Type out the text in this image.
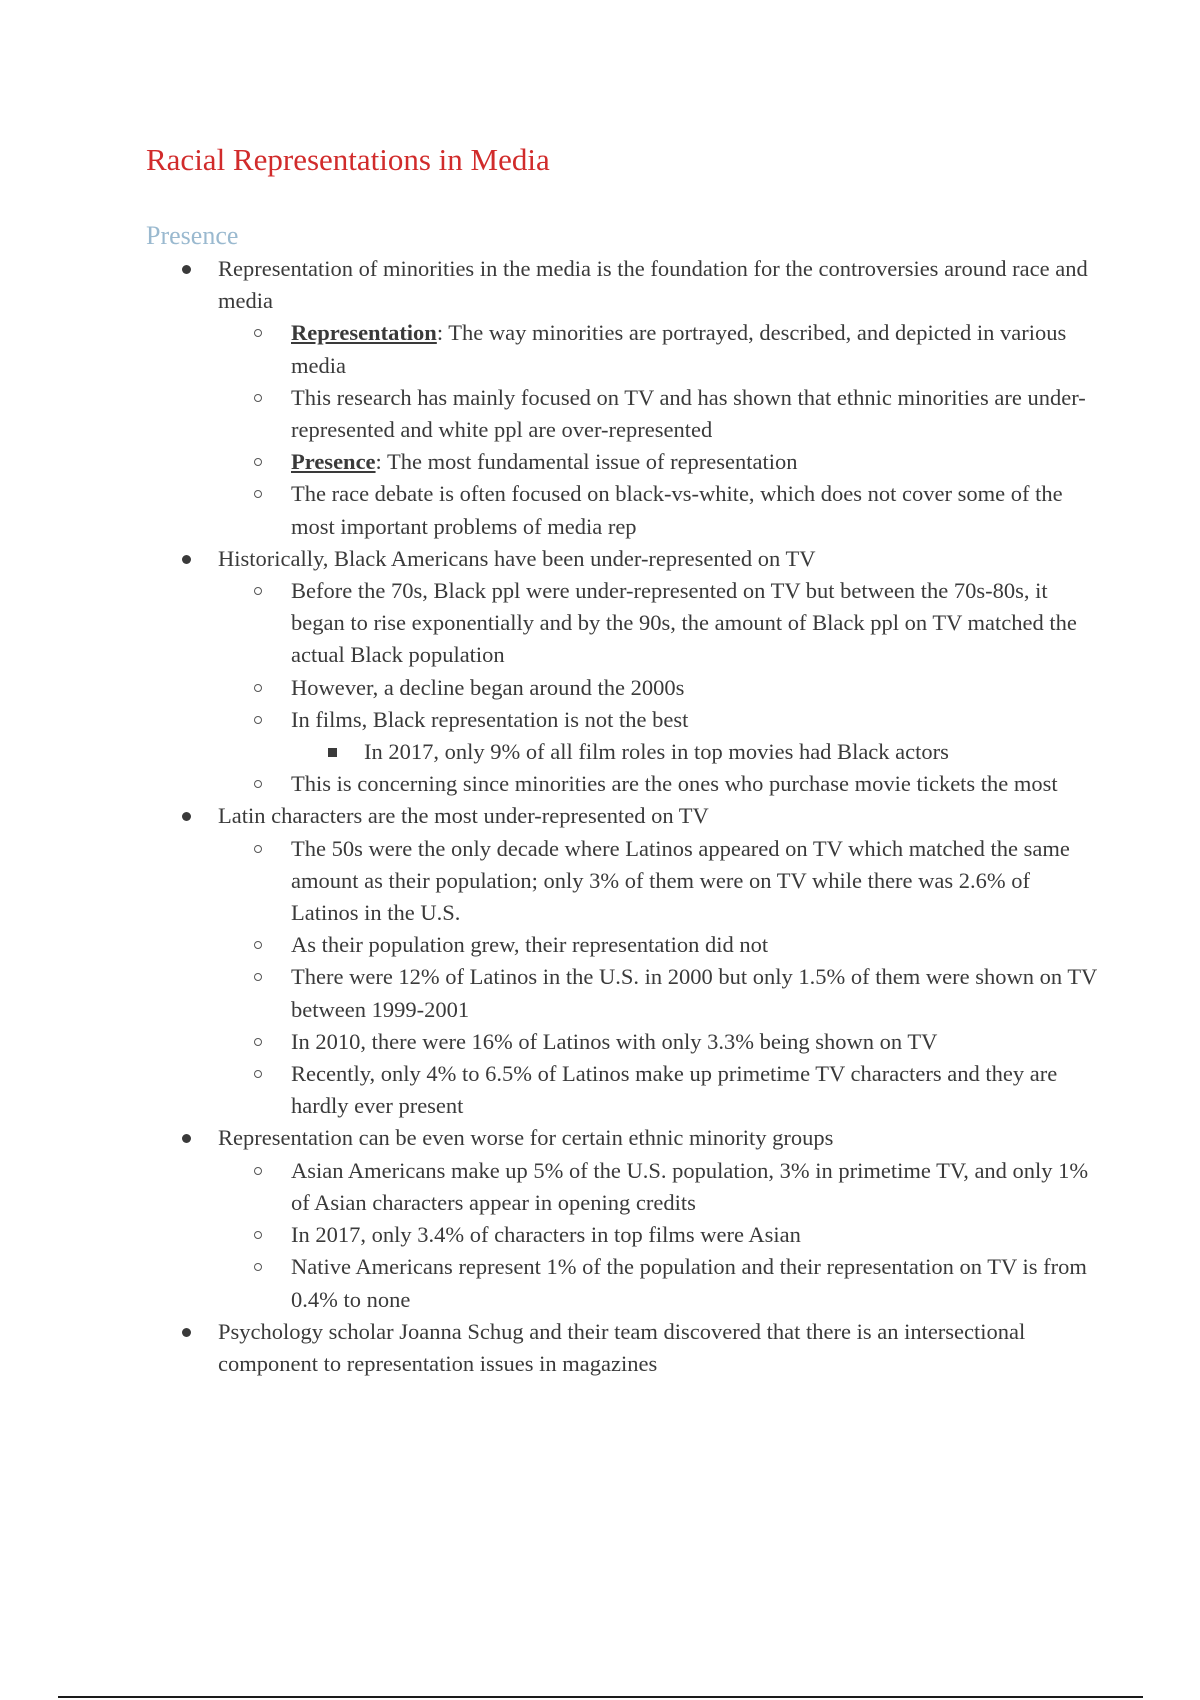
Racial Representations in Media
Presence
Representation of minorities in the media is the foundation for the controversies around race and media
Representation: The way minorities are portrayed, described, and depicted in various media
This research has mainly focused on TV and has shown that ethnic minorities are under-represented and white ppl are over-represented
Presence: The most fundamental issue of representation
The race debate is often focused on black-vs-white, which does not cover some of the most important problems of media rep
Historically, Black Americans have been under-represented on TV
Before the 70s, Black ppl were under-represented on TV but between the 70s-80s, it began to rise exponentially and by the 90s, the amount of Black ppl on TV matched the actual Black population
However, a decline began around the 2000s
In films, Black representation is not the best
In 2017, only 9% of all film roles in top movies had Black actors
This is concerning since minorities are the ones who purchase movie tickets the most
Latin characters are the most under-represented on TV
The 50s were the only decade where Latinos appeared on TV which matched the same amount as their population; only 3% of them were on TV while there was 2.6% of Latinos in the U.S.
As their population grew, their representation did not
There were 12% of Latinos in the U.S. in 2000 but only 1.5% of them were shown on TV between 1999-2001
In 2010, there were 16% of Latinos with only 3.3% being shown on TV
Recently, only 4% to 6.5% of Latinos make up primetime TV characters and they are hardly ever present
Representation can be even worse for certain ethnic minority groups
Asian Americans make up 5% of the U.S. population, 3% in primetime TV, and only 1% of Asian characters appear in opening credits
In 2017, only 3.4% of characters in top films were Asian
Native Americans represent 1% of the population and their representation on TV is from 0.4% to none
Psychology scholar Joanna Schug and their team discovered that there is an intersectional component to representation issues in magazines
